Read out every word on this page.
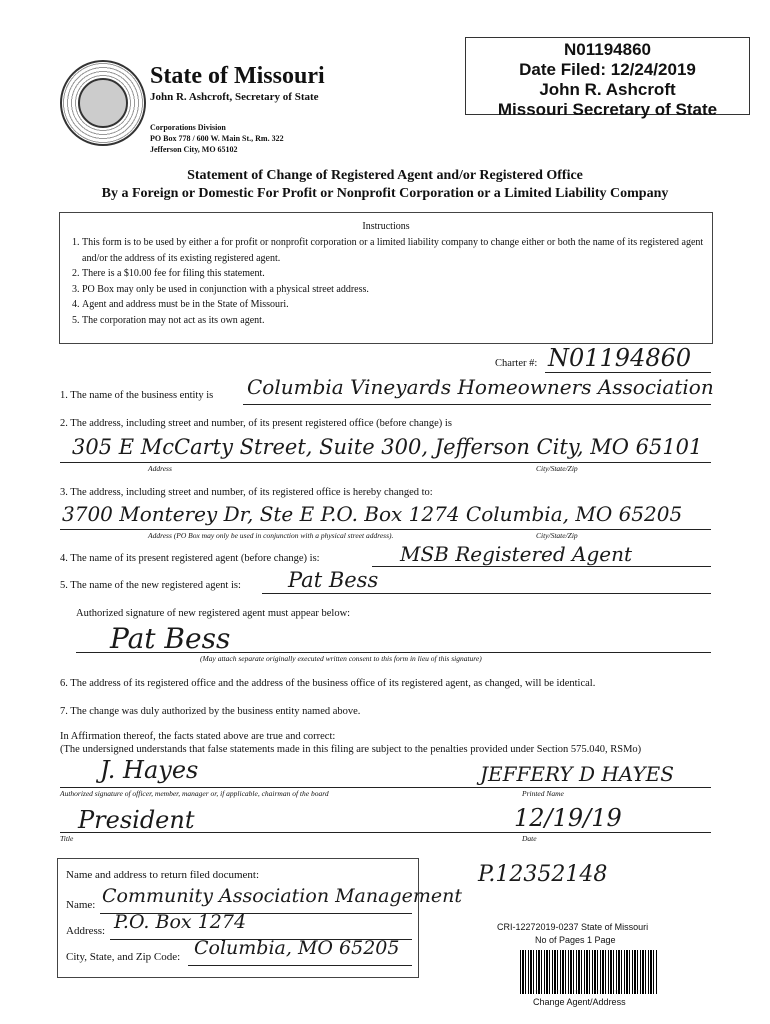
State of Missouri
John R. Ashcroft, Secretary of State
Corporations Division
PO Box 778 / 600 W. Main St., Rm. 322
Jefferson City, MO 65102
N01194860
Date Filed: 12/24/2019
John R. Ashcroft
Missouri Secretary of State
Statement of Change of Registered Agent and/or Registered Office
By a Foreign or Domestic For Profit or Nonprofit Corporation or a Limited Liability Company
Instructions
1. This form is to be used by either a for profit or nonprofit corporation or a limited liability company to change either or both the name of its registered agent and/or the address of its existing registered agent.
2. There is a $10.00 fee for filing this statement.
3. PO Box may only be used in conjunction with a physical street address.
4. Agent and address must be in the State of Missouri.
5. The corporation may not act as its own agent.
Charter #: N01194860
1. The name of the business entity is Columbia Vineyards Homeowners Association
2. The address, including street and number, of its present registered office (before change) is
305 E McCarty Street, Suite 300, Jefferson City, MO 65101
Address	City/State/Zip
3. The address, including street and number, of its registered office is hereby changed to:
3700 Monterey Dr, Ste E P.O. Box 1274 Columbia, MO 65205
Address (PO Box may only be used in conjunction with a physical street address).	City/State/Zip
4. The name of its present registered agent (before change) is:	MSB Registered Agent
5. The name of the new registered agent is: Pat Bess
Authorized signature of new registered agent must appear below:
Pat Bess
(May attach separate originally executed written consent to this form in lieu of this signature)
6. The address of its registered office and the address of the business office of its registered agent, as changed, will be identical.
7. The change was duly authorized by the business entity named above.
In Affirmation thereof, the facts stated above are true and correct:
(The undersigned understands that false statements made in this filing are subject to the penalties provided under Section 575.040, RSMo)
J. Hayes
Authorized signature of officer, member, manager or, if applicable, chairman of the board
JEFFERY D HAYES
Printed Name
President
Title
12/19/19
Date
Name and address to return filed document:
Name: Community Association Management
Address: P.O. Box 1274
City, State, and Zip Code: Columbia, MO 65205
P.12352148
CRI-12272019-0237 State of Missouri
No of Pages 1 Page
Change Agent/Address
